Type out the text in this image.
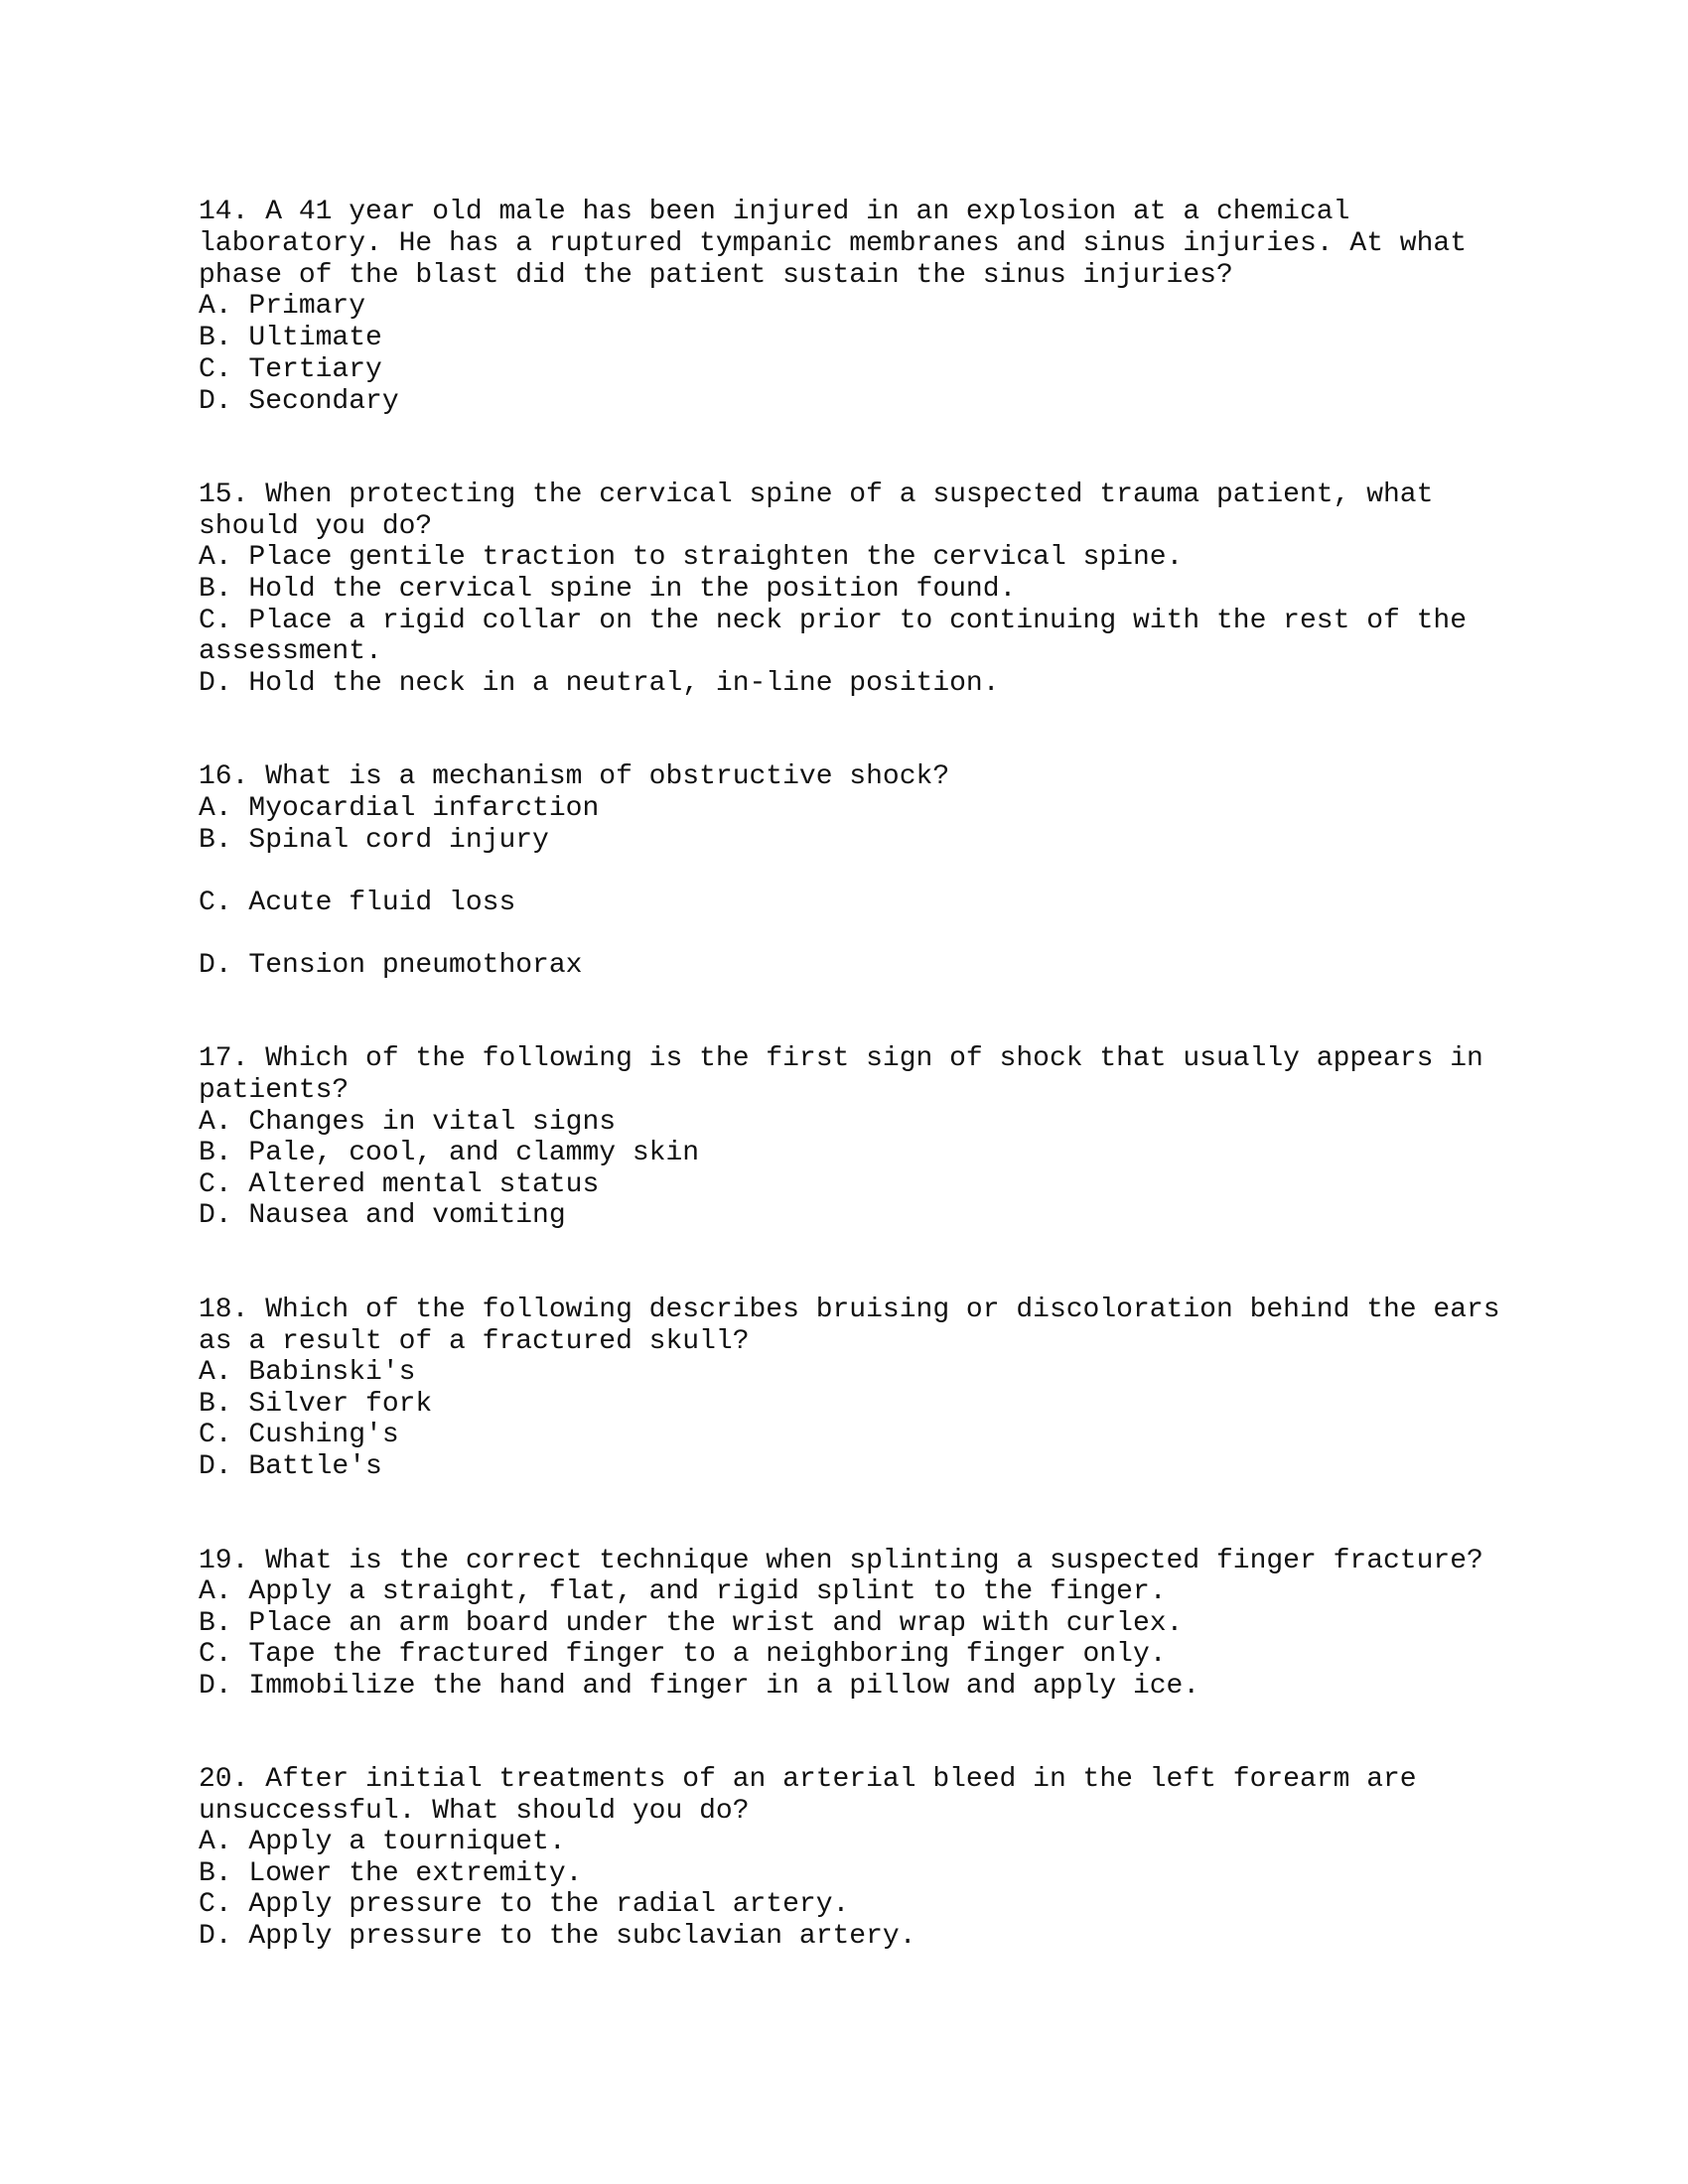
14. A 41 year old male has been injured in an explosion at a chemical
laboratory. He has a ruptured tympanic membranes and sinus injuries. At what
phase of the blast did the patient sustain the sinus injuries?
A. Primary
B. Ultimate
C. Tertiary
D. Secondary
15. When protecting the cervical spine of a suspected trauma patient, what
should you do?
A. Place gentile traction to straighten the cervical spine.
B. Hold the cervical spine in the position found.
C. Place a rigid collar on the neck prior to continuing with the rest of the
assessment.
D. Hold the neck in a neutral, in-line position.
16. What is a mechanism of obstructive shock?
A. Myocardial infarction
B. Spinal cord injury
C. Acute fluid loss
D. Tension pneumothorax
17. Which of the following is the first sign of shock that usually appears in
patients?
A. Changes in vital signs
B. Pale, cool, and clammy skin
C. Altered mental status
D. Nausea and vomiting
18. Which of the following describes bruising or discoloration behind the ears
as a result of a fractured skull?
A. Babinski's
B. Silver fork
C. Cushing's
D. Battle's
19. What is the correct technique when splinting a suspected finger fracture?
A. Apply a straight, flat, and rigid splint to the finger.
B. Place an arm board under the wrist and wrap with curlex.
C. Tape the fractured finger to a neighboring finger only.
D. Immobilize the hand and finger in a pillow and apply ice.
20. After initial treatments of an arterial bleed in the left forearm are
unsuccessful. What should you do?
A. Apply a tourniquet.
B. Lower the extremity.
C. Apply pressure to the radial artery.
D. Apply pressure to the subclavian artery.
